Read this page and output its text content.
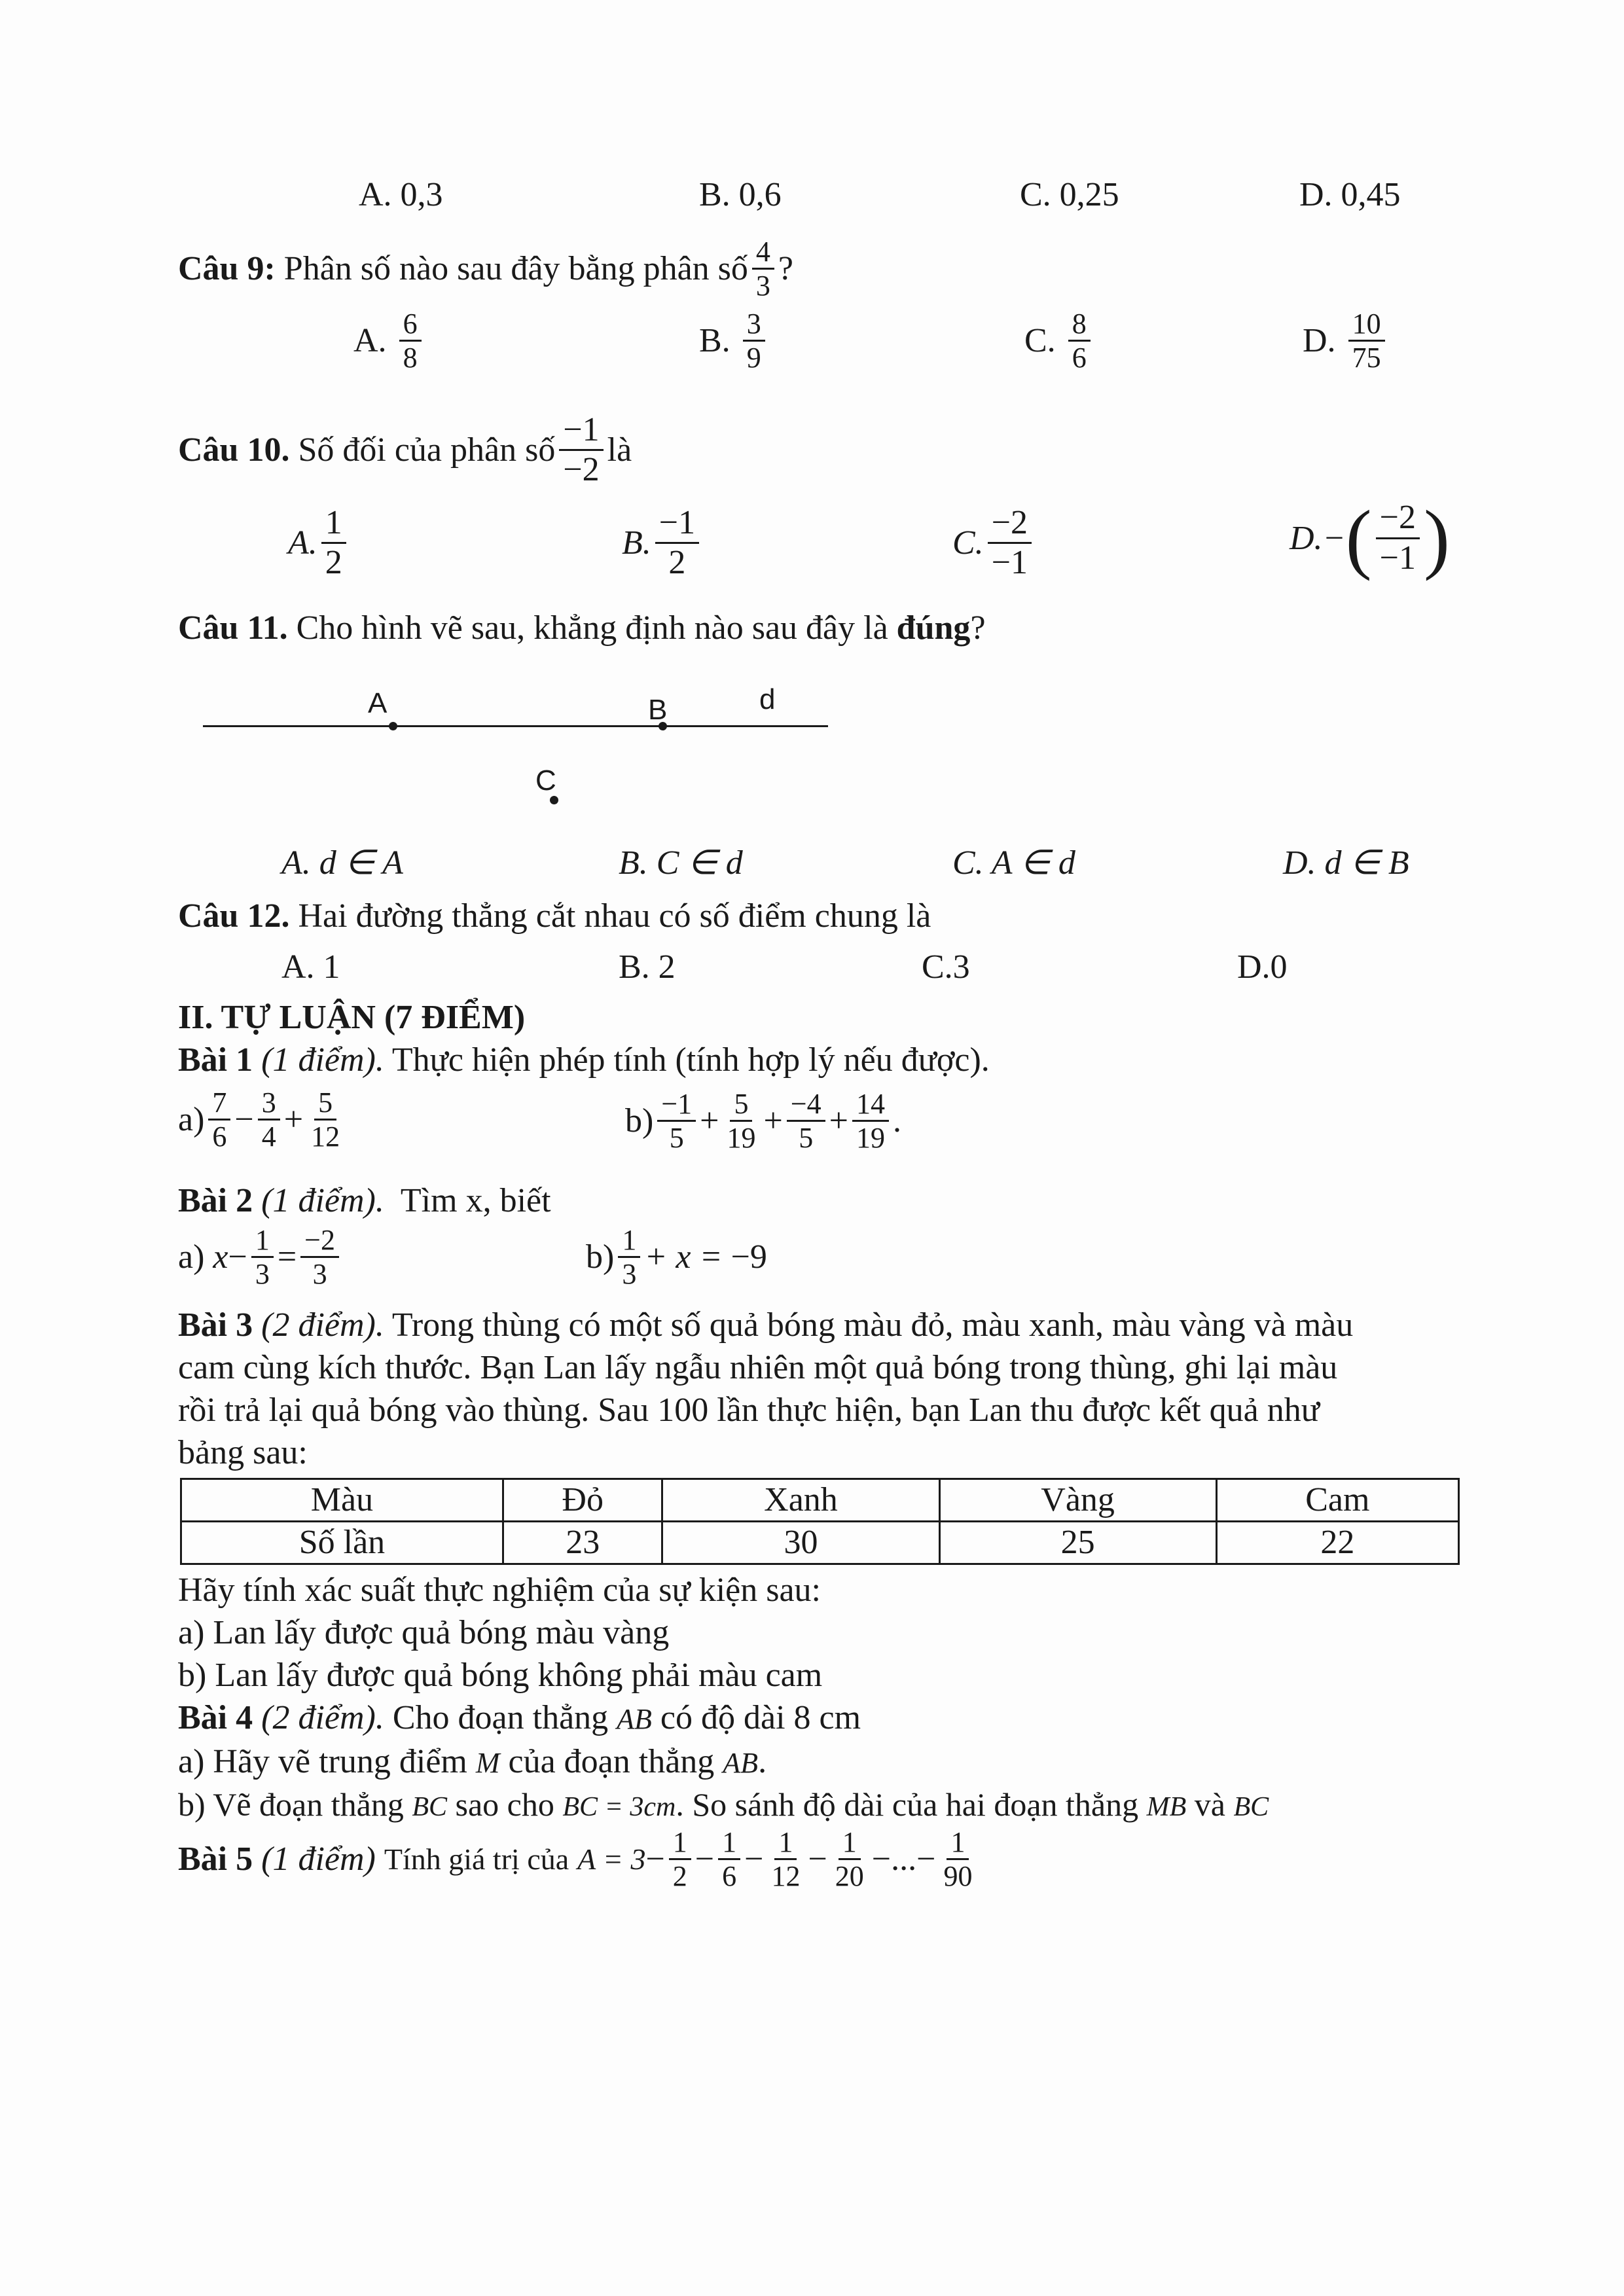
A. 0,3	B. 0,6	C. 0,25	D. 0,45
Câu 9:
Phân số nào sau đây bằng phân số $\frac{4}{3}$ ?
A.
$\frac{6}{8}$	B.
$\frac{3}{9}$	C.
$\frac{8}{6}$	D.
$\frac{10}{75}$
Câu 10.
Số đối của phân số $\frac{-1}{-2}$ là
A. $\frac{1}{2}$	B. $\frac{-1}{2}$	C. $\frac{-2}{-1}$	D.− ( $\frac{-2}{-1}$ )
Câu 11. Cho hình vẽ sau, khẳng định nào sau đây là đúng?
A	B	d
C
A. d ∈ A	B. C ∈ d	C. A ∈ d	D. d ∈ B
Câu 12. Hai đường thẳng cắt nhau có số điểm chung là
A. 1	B. 2	C.3	D.0
II. TỰ LUẬN (7 ĐIỂM)
Bài 1 (1 điểm). Thực hiện phép tính (tính hợp lý nếu được).
$a) \frac{7}{6} - \frac{3}{4} + \frac{5}{12}$	$b) \frac{-1}{5} + \frac{5}{19} + \frac{-4}{5} + \frac{14}{19}$ .
Bài 2 (1 điểm). Tìm x, biết
a)
$x - \frac{1}{3} = \frac{-2}{3}$	$b) \frac{1}{3} + x$ =
−9
Bài 3 (2 điểm). Trong thùng có một số quả bóng màu đỏ, màu xanh, màu vàng và màu
cam cùng kích thước. Bạn Lan lấy ngẫu nhiên một quả bóng trong thùng, ghi lại màu
rồi trả lại quả bóng vào thùng. Sau 100 lần thực hiện, bạn Lan thu được kết quả như
bảng sau:
Màu	Đỏ	Xanh	Vàng	Cam
Số lần	23	30	25	22
Hãy tính xác suất thực nghiệm của sự kiện sau:
a) Lan lấy được quả bóng màu vàng
b) Lan lấy được quả bóng không phải màu cam
Bài 4 (2 điểm). Cho đoạn thẳng AB có độ dài 8 cm
a) Hãy vẽ trung điểm M của đoạn thẳng AB.
b) Vẽ đoạn thẳng BC sao cho BC = 3cm. So sánh độ dài của hai đoạn thẳng MB và BC
Bài 5
(1 điểm)
Tính giá trị của
$A = 3 - \frac{1}{2} - \frac{1}{6} - \frac{1}{12} - \frac{1}{20}$ −...− $\frac{1}{90}$
